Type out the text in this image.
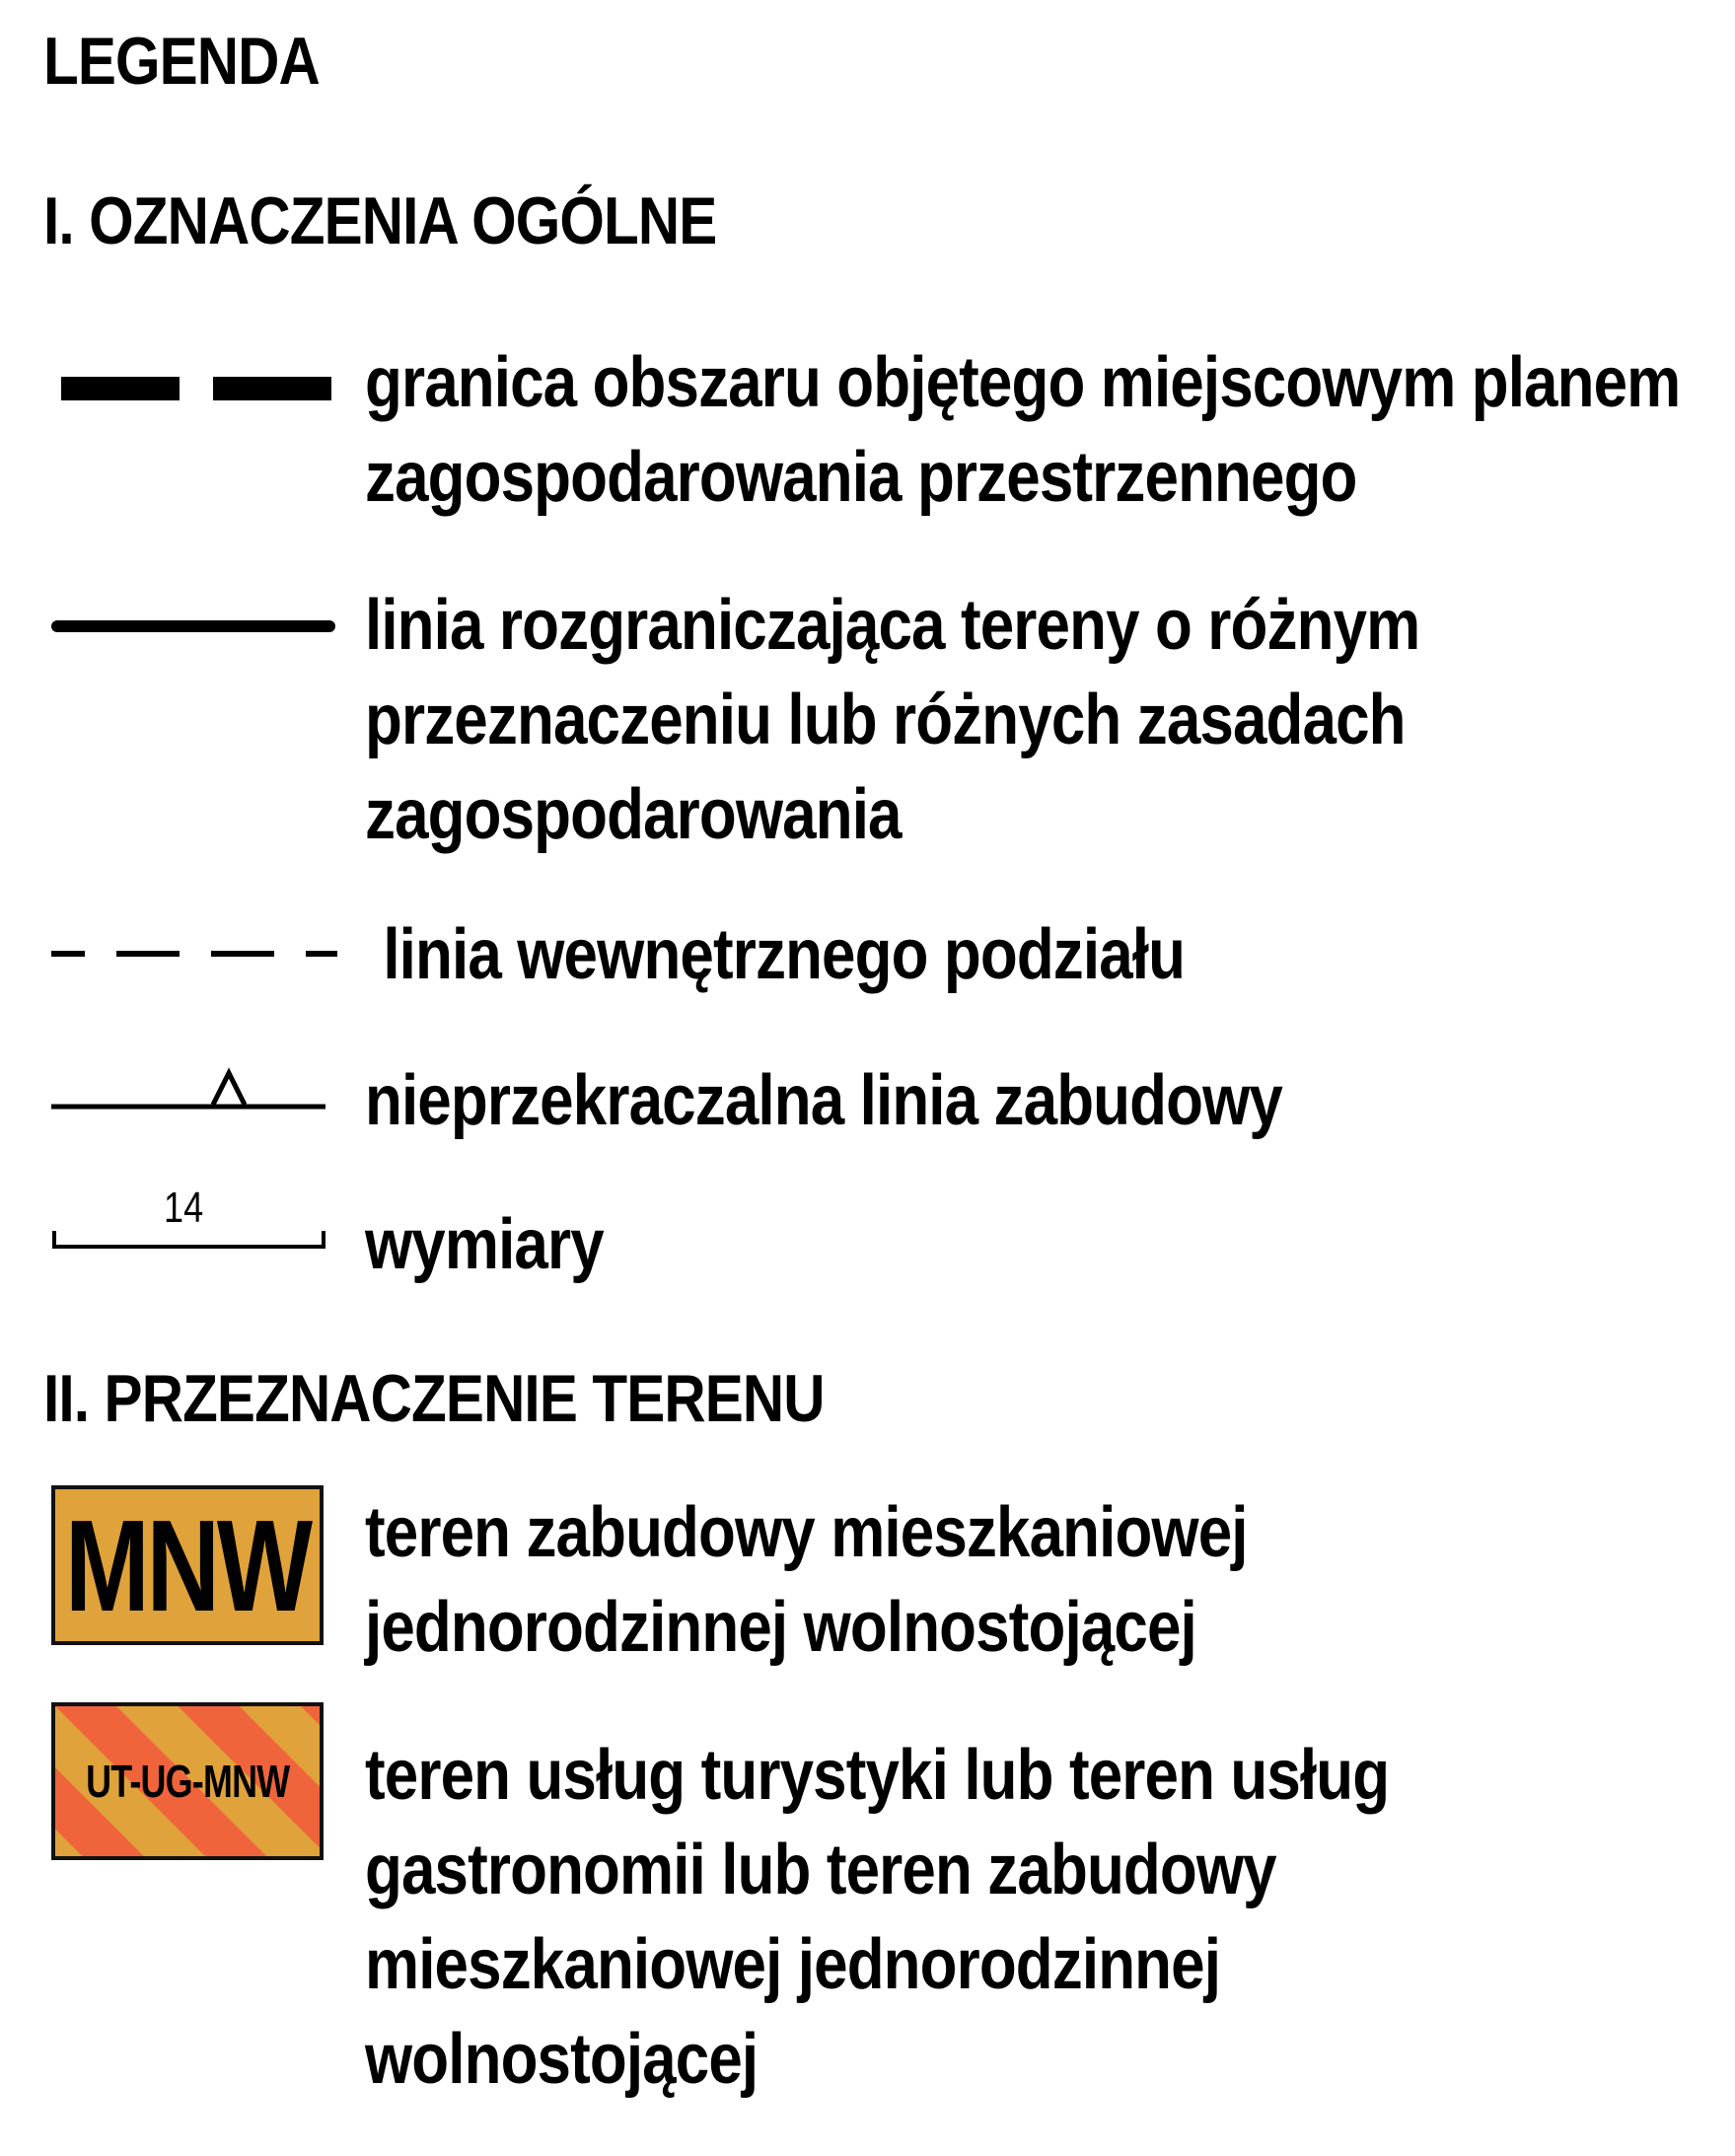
LEGENDA
I. OZNACZENIA OGÓLNE
granica obszaru objętego miejscowym planem
zagospodarowania przestrzennego
linia rozgraniczająca tereny o różnym
przeznaczeniu lub różnych zasadach
zagospodarowania
linia wewnętrznego podziału
nieprzekraczalna linia zabudowy
14 wymiary
II. PRZEZNACZENIE TERENU
MNW teren zabudowy mieszkaniowej
jednorodzinnej wolnostojącej
UT-UG-MNW teren usług turystyki lub teren usług
gastronomii lub teren zabudowy
mieszkaniowej jednorodzinnej
wolnostojącej
